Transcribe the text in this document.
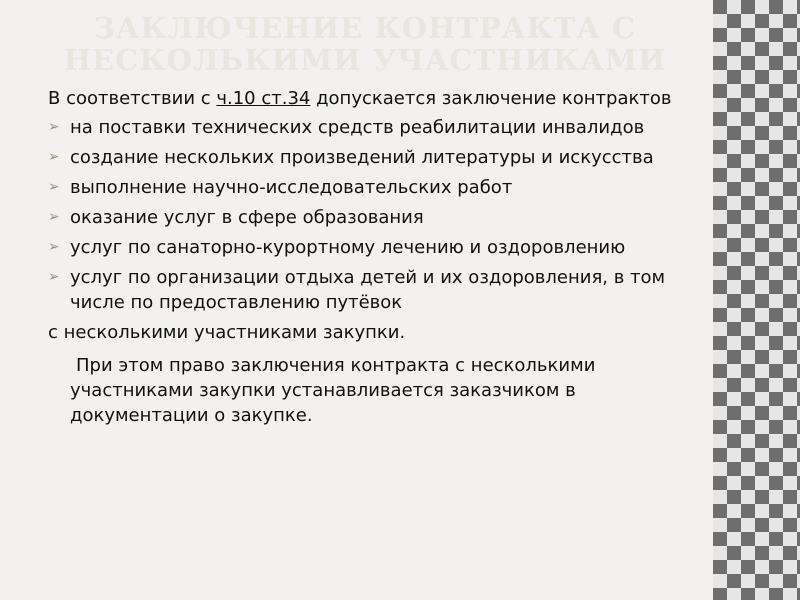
ЗАКЛЮЧЕНИЕ КОНТРАКТА С НЕСКОЛЬКИМИ УЧАСТНИКАМИ

В соответствии с ч.10 ст.34 допускается заключение контрактов

➢ на поставки технических средств реабилитации инвалидов
➢ создание нескольких произведений литературы и искусства
➢ выполнение научно-исследовательских работ
➢ оказание услуг в сфере образования
➢ услуг по санаторно-курортному лечению и оздоровлению
➢ услуг по организации отдыха детей и их оздоровления, в том числе по предоставлению путёвок

с несколькими участниками закупки.

При этом право заключения контракта с несколькими участниками закупки устанавливается заказчиком в документации о закупке.
